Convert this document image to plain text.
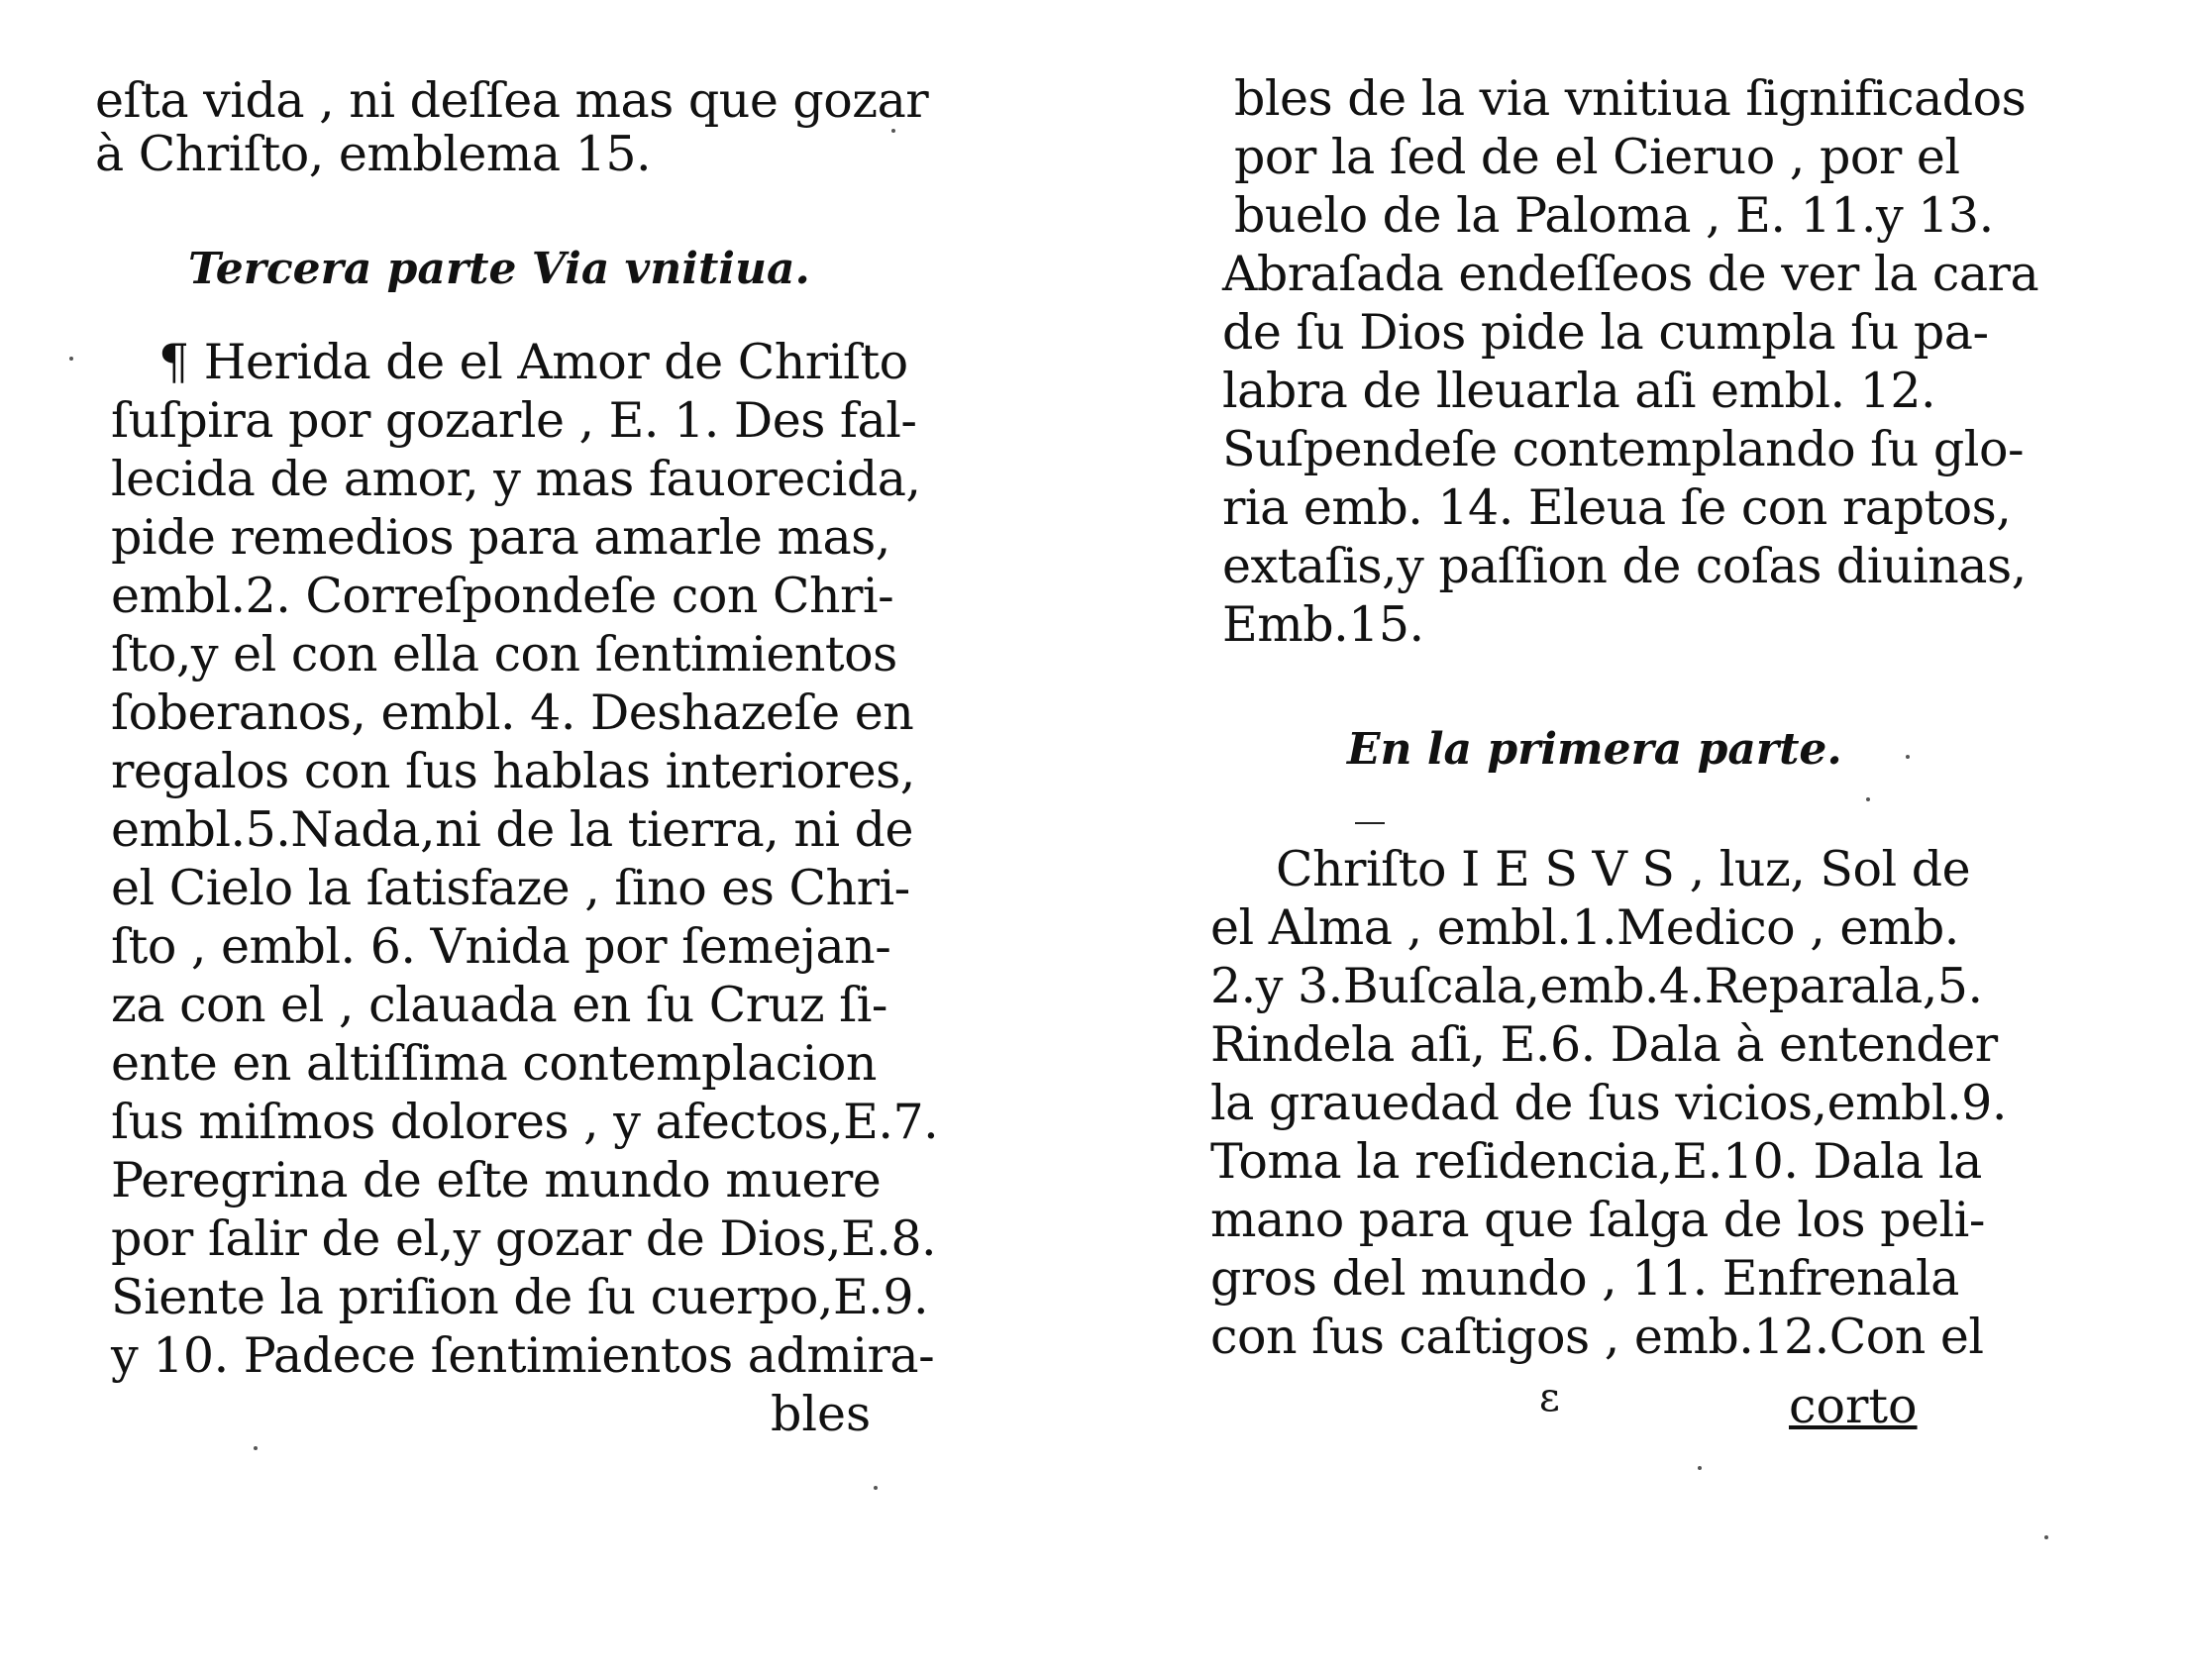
eſta vida , ni deſſea mas que gozar
à Chriſto, emblema 15.
Tercera parte Via vnitiua.
¶ Herida de el Amor de Chriſto
ſuſpira por gozarle , E. 1. Des fal-
lecida de amor, y mas fauorecida,
pide remedios para amarle mas,
embl.2. Correſpondeſe con Chri-
ſto,y el con ella con ſentimientos
ſoberanos, embl. 4. Deshazeſe en
regalos con ſus hablas interiores,
embl.5.Nada,ni de la tierra, ni de
el Cielo la ſatisfaze , ſino es Chri-
ſto , embl. 6. Vnida por ſemejan-
za con el , clauada en ſu Cruz ſi-
ente en altiſſima contemplacion
ſus miſmos dolores , y afectos,E.7.
Peregrina de eſte mundo muere
por ſalir de el,y gozar de Dios,E.8.
Siente la priſion de ſu cuerpo,E.9.
y 10. Padece ſentimientos admira-
bles
bles de la via vnitiua ſignificados
por la ſed de el Cieruo , por el
buelo de la Paloma , E. 11.y 13.
Abraſada endeſſeos de ver la cara
de ſu Dios pide la cumpla ſu pa-
labra de lleuarla aſi embl. 12.
Suſpendeſe contemplando ſu glo-
ria emb. 14. Eleua ſe con raptos,
extaſis,y paſſion de coſas diuinas,
Emb.15.
En la primera parte.
Chriſto I E S V S , luz, Sol de
el Alma , embl.1.Medico , emb.
2.y 3.Buſcala,emb.4.Reparala,5.
Rindela aſi, E.6. Dala à entender
la grauedad de ſus vicios,embl.9.
Toma la reſidencia,E.10. Dala la
mano para que ſalga de los peli-
gros del mundo , 11. Enfrenala
con ſus caſtigos , emb.12.Con el
ε	corto
